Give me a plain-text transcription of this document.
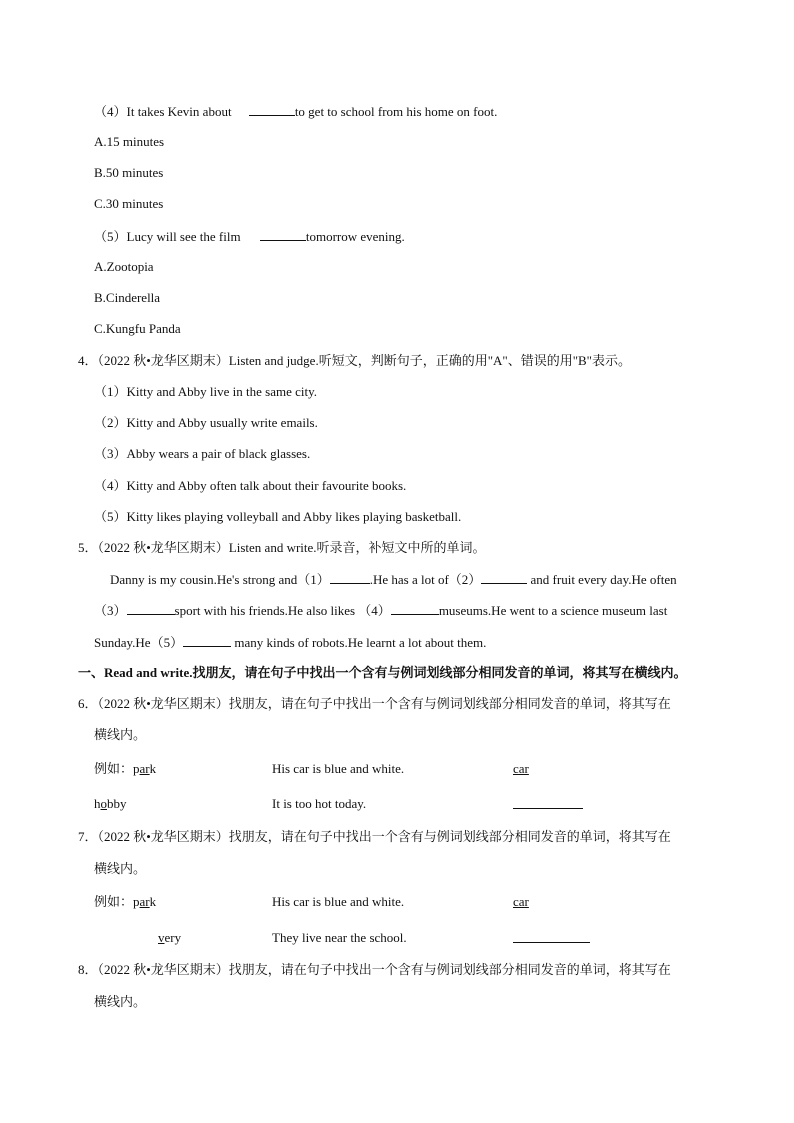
（4）It takes Kevin about	to get to school from his home on foot.
A.15 minutes
B.50 minutes
C.30 minutes
（5）Lucy will see the film	tomorrow evening.
A.Zootopia
B.Cinderella
C.Kungfu Panda
4．（2022 秋•龙华区期末）Listen and judge.听短文，判断句子，正确的用"A"、错误的用"B"表示。
（1）Kitty and Abby live in the same city.
（2）Kitty and Abby usually write emails.
（3）Abby wears a pair of black glasses.
（4）Kitty and Abby often talk about their favourite books.
（5）Kitty likes playing volleyball and Abby likes playing basketball.
5．（2022 秋•龙华区期末）Listen and write.听录音，补短文中所的单词。
Danny is my cousin.He's strong and（1）	.He has a lot of（2）	and fruit every day.He often
（3）	sport with his friends.He also likes （4）	museums.He went to a science museum last
Sunday.He（5）	many kinds of robots.He learnt a lot about them.
一、Read and write.找朋友，请在句子中找出一个含有与例词划线部分相同发音的单词，将其写在横线内。
6．（2022 秋•龙华区期末）找朋友，请在句子中找出一个含有与例词划线部分相同发音的单词，将其写在
横线内。
例如：park	His car is blue and white.	car
hobby	It is too hot today.
7．（2022 秋•龙华区期末）找朋友，请在句子中找出一个含有与例词划线部分相同发音的单词，将其写在
横线内。
例如：park	His car is blue and white.	car
very	They live near the school.
8．（2022 秋•龙华区期末）找朋友，请在句子中找出一个含有与例词划线部分相同发音的单词，将其写在
横线内。
